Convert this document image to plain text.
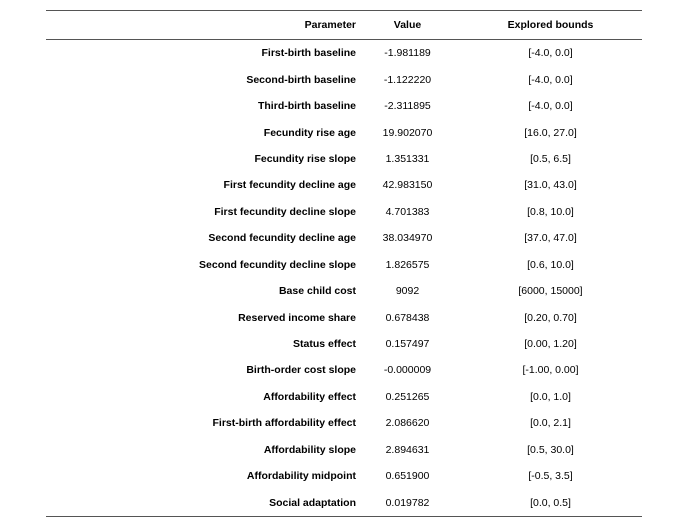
Parameter	Value	Explored bounds
First-birth baseline	-1.981189	[-4.0, 0.0]
Second-birth baseline	-1.122220	[-4.0, 0.0]
Third-birth baseline	-2.311895	[-4.0, 0.0]
Fecundity rise age	19.902070	[16.0, 27.0]
Fecundity rise slope	1.351331	[0.5, 6.5]
First fecundity decline age	42.983150	[31.0, 43.0]
First fecundity decline slope	4.701383	[0.8, 10.0]
Second fecundity decline age	38.034970	[37.0, 47.0]
Second fecundity decline slope	1.826575	[0.6, 10.0]
Base child cost	9092	[6000, 15000]
Reserved income share	0.678438	[0.20, 0.70]
Status effect	0.157497	[0.00, 1.20]
Birth-order cost slope	-0.000009	[-1.00, 0.00]
Affordability effect	0.251265	[0.0, 1.0]
First-birth affordability effect	2.086620	[0.0, 2.1]
Affordability slope	2.894631	[0.5, 30.0]
Affordability midpoint	0.651900	[-0.5, 3.5]
Social adaptation	0.019782	[0.0, 0.5]
